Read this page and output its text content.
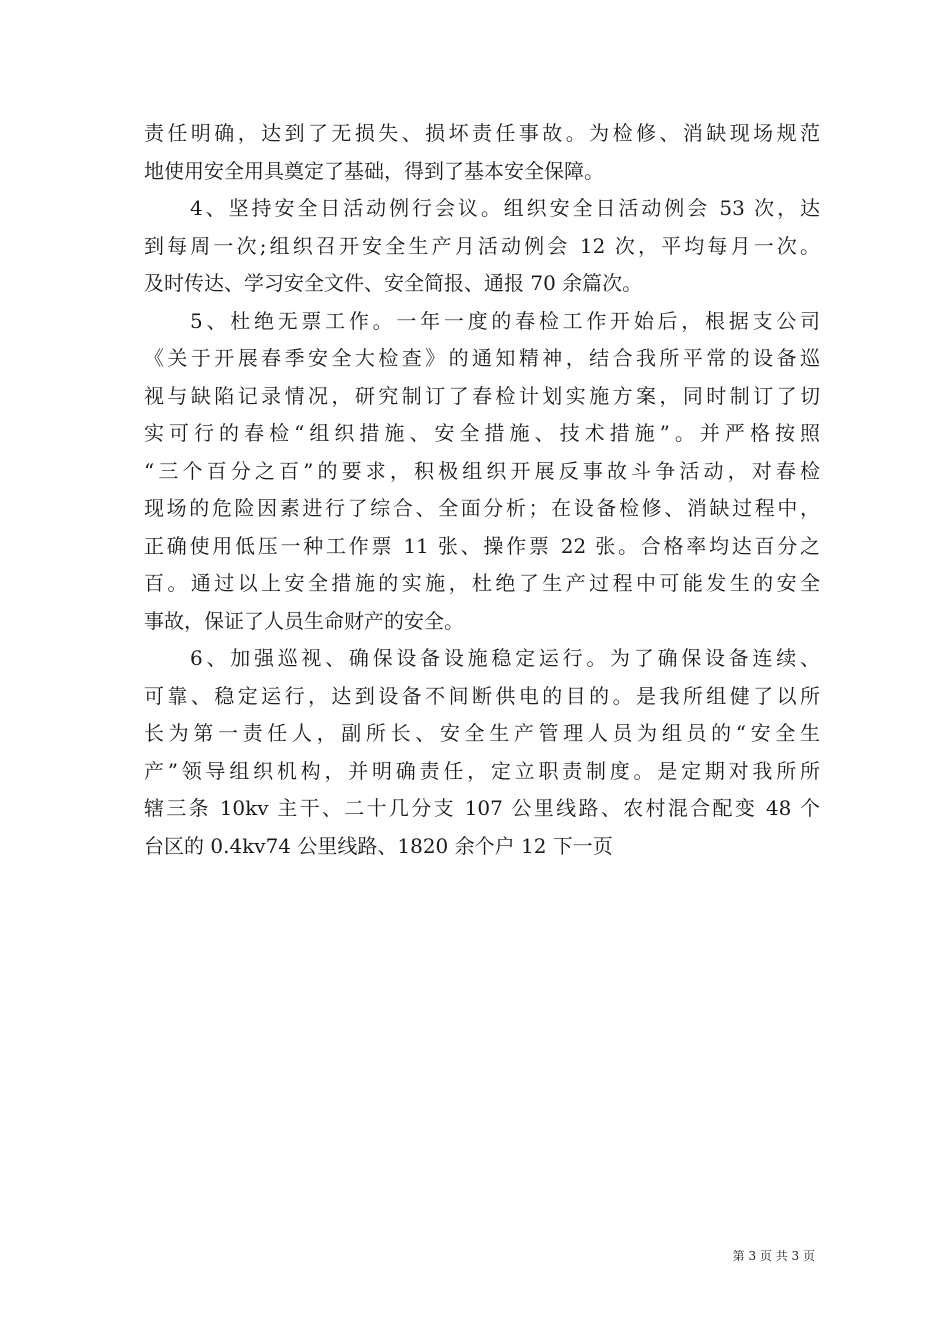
责任明确，达到了无损失、损坏责任事故。为检修、消缺现场规范
地使用安全用具奠定了基础，得到了基本安全保障。
4、坚持安全日活动例行会议。组织安全日活动例会 53 次，达
到每周一次;组织召开安全生产月活动例会 12 次，平均每月一次。
及时传达、学习安全文件、安全简报、通报 70 余篇次。
5、杜绝无票工作。一年一度的春检工作开始后，根据支公司
《关于开展春季安全大检查》的通知精神，结合我所平常的设备巡
视与缺陷记录情况，研究制订了春检计划实施方案，同时制订了切
实可行的春检“组织措施、安全措施、技术措施”。并严格按照
“三个百分之百”的要求，积极组织开展反事故斗争活动，对春检
现场的危险因素进行了综合、全面分析；在设备检修、消缺过程中，
正确使用低压一种工作票 11 张、操作票 22 张。合格率均达百分之
百。通过以上安全措施的实施，杜绝了生产过程中可能发生的安全
事故，保证了人员生命财产的安全。
6、加强巡视、确保设备设施稳定运行。为了确保设备连续、
可靠、稳定运行，达到设备不间断供电的目的。是我所组健了以所
长为第一责任人，副所长、安全生产管理人员为组员的“安全生
产”领导组织机构，并明确责任，定立职责制度。是定期对我所所
辖三条 10kv 主干、二十几分支 107 公里线路、农村混合配变 48 个
台区的 0.4kv74 公里线路、1820 余个户 12 下一页
第 3 页 共 3 页
